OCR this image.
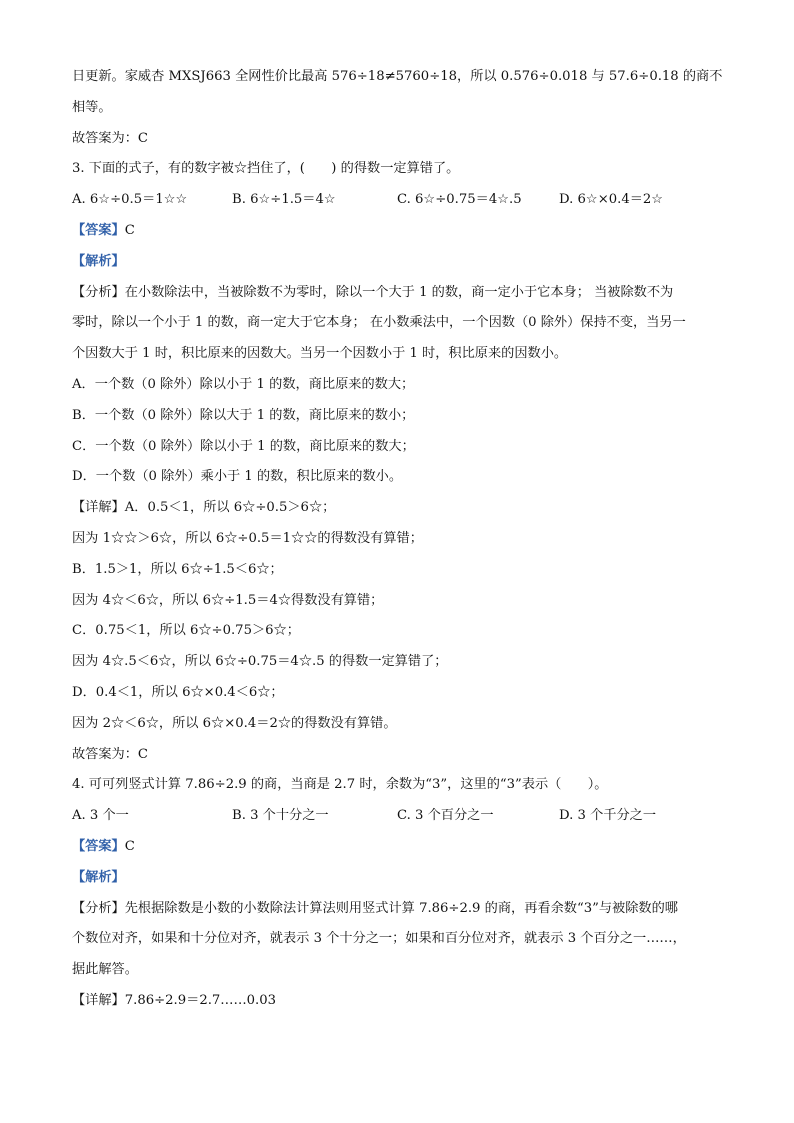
日更新。家威杏 MXSJ663 全网性价比最高 576÷18≠5760÷18，所以 0.576÷0.018 与 57.6÷0.18 的商不
相等。
故答案为：C
3. 下面的式子，有的数字被☆挡住了，(　　) 的得数一定算错了。
A. 6☆÷0.5＝1☆☆	B. 6☆÷1.5＝4☆	C. 6☆÷0.75＝4☆.5	D. 6☆×0.4＝2☆
【答案】C
【解析】
【分析】在小数除法中，当被除数不为零时，除以一个大于 1 的数，商一定小于它本身； 当被除数不为
零时，除以一个小于 1 的数，商一定大于它本身； 在小数乘法中，一个因数（0 除外）保持不变，当另一
个因数大于 1 时，积比原来的因数大。当另一个因数小于 1 时，积比原来的因数小。
A．一个数（0 除外）除以小于 1 的数，商比原来的数大；
B．一个数（0 除外）除以大于 1 的数，商比原来的数小；
C．一个数（0 除外）除以小于 1 的数，商比原来的数大；
D．一个数（0 除外）乘小于 1 的数，积比原来的数小。
【详解】A．0.5＜1，所以 6☆÷0.5＞6☆；
因为 1☆☆＞6☆，所以 6☆÷0.5＝1☆☆的得数没有算错；
B．1.5＞1，所以 6☆÷1.5＜6☆；
因为 4☆＜6☆，所以 6☆÷1.5＝4☆得数没有算错；
C．0.75＜1，所以 6☆÷0.75＞6☆；
因为 4☆.5＜6☆，所以 6☆÷0.75＝4☆.5 的得数一定算错了；
D．0.4＜1，所以 6☆×0.4＜6☆；
因为 2☆＜6☆，所以 6☆×0.4＝2☆的得数没有算错。
故答案为：C
4. 可可列竖式计算 7.86÷2.9 的商，当商是 2.7 时，余数为“3”，这里的“3”表示（　　）。
A. 3 个一	B. 3 个十分之一	C. 3 个百分之一	D. 3 个千分之一
【答案】C
【解析】
【分析】先根据除数是小数的小数除法计算法则用竖式计算 7.86÷2.9 的商，再看余数“3”与被除数的哪
个数位对齐，如果和十分位对齐，就表示 3 个十分之一；如果和百分位对齐，就表示 3 个百分之一……，
据此解答。
【详解】7.86÷2.9＝2.7……0.03
